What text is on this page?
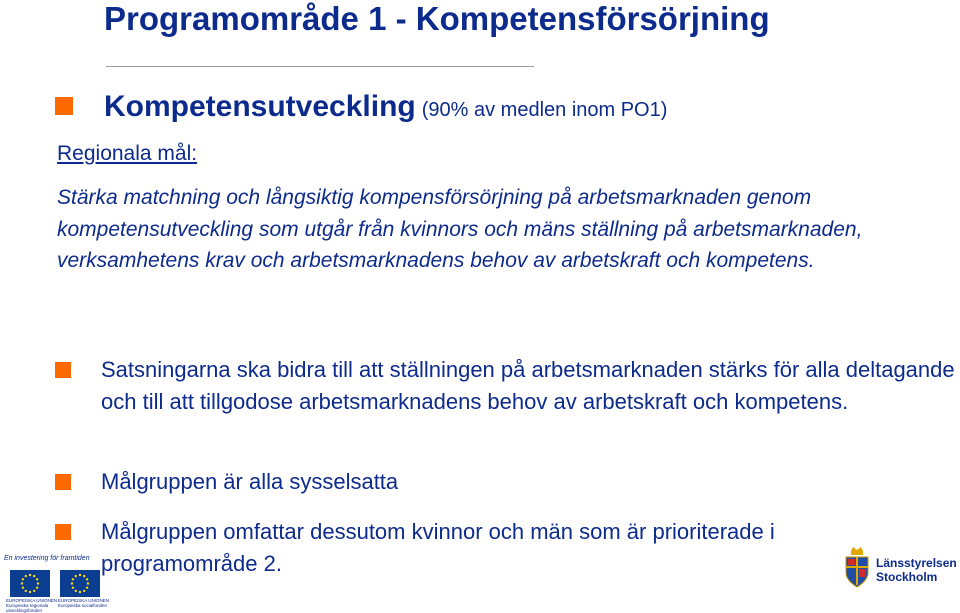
Programområde 1 - Kompetensförsörjning
Kompetensutveckling (90% av medlen inom PO1)
Regionala mål:
Stärka matchning och långsiktig kompensförsörjning på arbetsmarknaden genom kompetensutveckling som utgår från kvinnors och mäns ställning på arbetsmarknaden, verksamhetens krav och arbetsmarknadens behov av arbetskraft och kompetens.
Satsningarna ska bidra till att ställningen på arbetsmarknaden stärks för alla deltagande och till att tillgodose arbetsmarknadens behov av arbetskraft och kompetens.
Målgruppen är alla sysselsatta
Målgruppen omfattar dessutom kvinnor och män som är prioriterade i programområde 2.
En investering för framtiden
EUROPEISKA UNIONEN
Europeiska regionala
utvecklingsfonden
EUROPEISKA UNIONEN
Europeiska socialfonden
Länsstyrelsen
Stockholm
